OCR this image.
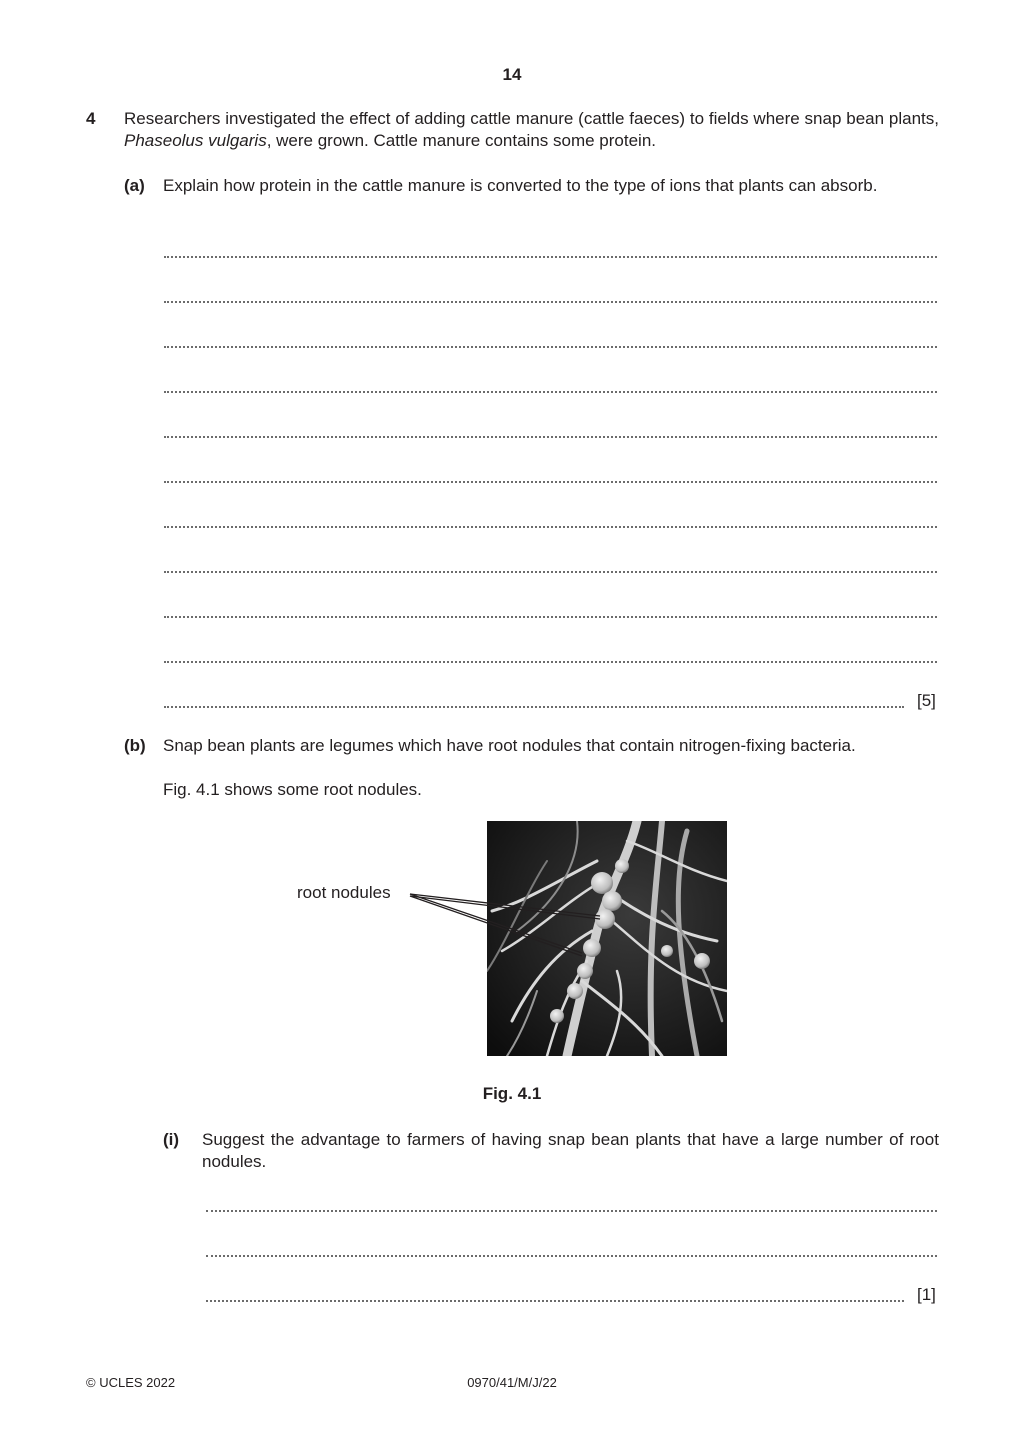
14
4 Researchers investigated the effect of adding cattle manure (cattle faeces) to fields where snap bean plants, Phaseolus vulgaris, were grown. Cattle manure contains some protein.
(a) Explain how protein in the cattle manure is converted to the type of ions that plants can absorb.
[5]
(b) Snap bean plants are legumes which have root nodules that contain nitrogen-fixing bacteria.
Fig. 4.1 shows some root nodules.
root nodules
Fig. 4.1
(i) Suggest the advantage to farmers of having snap bean plants that have a large number of root nodules.
[1]
© UCLES 2022	0970/41/M/J/22
